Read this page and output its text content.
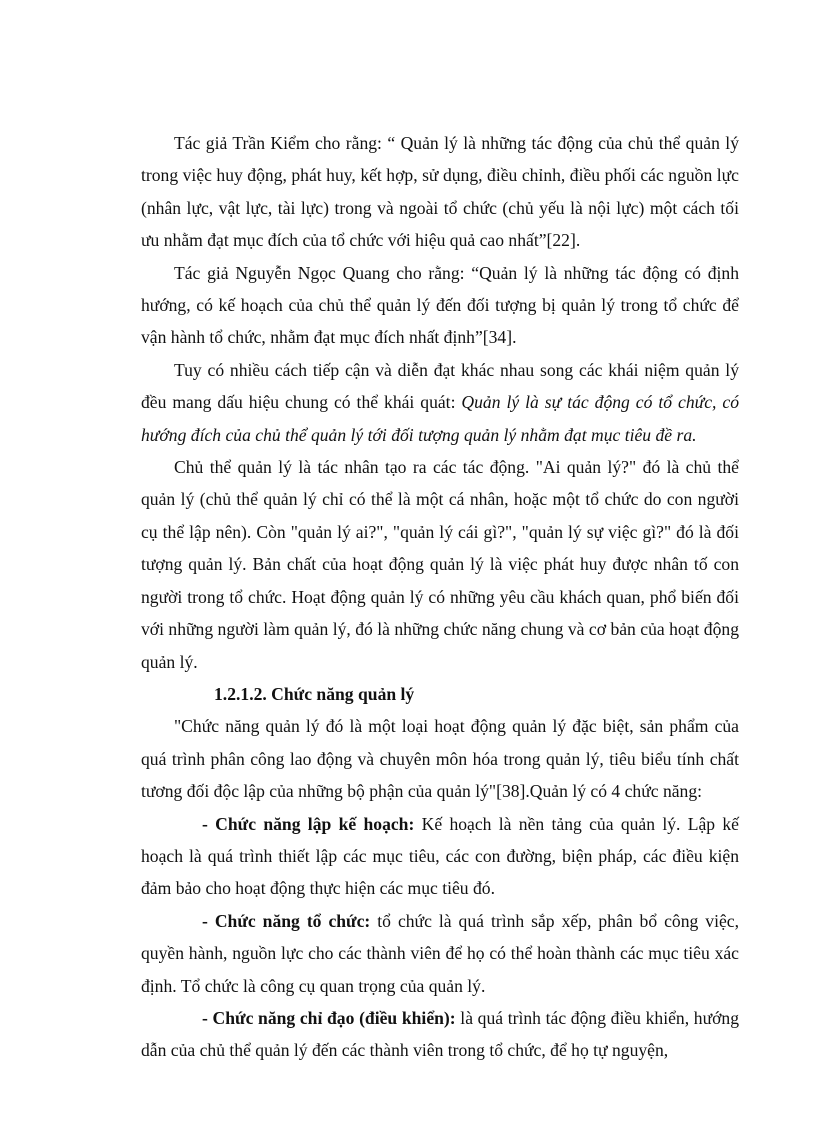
Tác giả Trần Kiểm cho rằng: “ Quản lý là những tác động của chủ thể quản lý trong việc huy động, phát huy, kết hợp, sử dụng, điều chỉnh, điều phối các nguồn lực (nhân lực, vật lực, tài lực) trong và ngoài tổ chức (chủ yếu là nội lực) một cách tối ưu nhằm đạt mục đích của tổ chức với hiệu quả cao nhất”[22].

Tác giả Nguyễn Ngọc Quang cho rằng: “Quản lý là những tác động có định hướng, có kế hoạch của chủ thể quản lý đến đối tượng bị quản lý trong tổ chức để vận hành tổ chức, nhằm đạt mục đích nhất định”[34].

Tuy có nhiều cách tiếp cận và diễn đạt khác nhau song các khái niệm quản lý đều mang dấu hiệu chung có thể khái quát: Quản lý là sự tác động có tổ chức, có hướng đích của chủ thể quản lý tới đối tượng quản lý nhằm đạt mục tiêu đề ra.

Chủ thể quản lý là tác nhân tạo ra các tác động. "Ai quản lý?" đó là chủ thể quản lý (chủ thể quản lý chỉ có thể là một cá nhân, hoặc một tổ chức do con người cụ thể lập nên). Còn "quản lý ai?", "quản lý cái gì?", "quản lý sự việc gì?" đó là đối tượng quản lý. Bản chất của hoạt động quản lý là việc phát huy được nhân tố con người trong tổ chức. Hoạt động quản lý có những yêu cầu khách quan, phổ biến đối với những người làm quản lý, đó là những chức năng chung và cơ bản của hoạt động quản lý.

1.2.1.2. Chức năng quản lý

"Chức năng quản lý đó là một loại hoạt động quản lý đặc biệt, sản phẩm của quá trình phân công lao động và chuyên môn hóa trong quản lý, tiêu biểu tính chất tương đối độc lập của những bộ phận của quản lý"[38].Quản lý có 4 chức năng:

- Chức năng lập kế hoạch: Kế hoạch là nền tảng của quản lý. Lập kế hoạch là quá trình thiết lập các mục tiêu, các con đường, biện pháp, các điều kiện đảm bảo cho hoạt động thực hiện các mục tiêu đó.

- Chức năng tổ chức: tổ chức là quá trình sắp xếp, phân bổ công việc, quyền hành, nguồn lực cho các thành viên để họ có thể hoàn thành các mục tiêu xác định. Tổ chức là công cụ quan trọng của quản lý.

- Chức năng chỉ đạo (điều khiển): là quá trình tác động điều khiển, hướng dẫn của chủ thể quản lý đến các thành viên trong tổ chức, để họ tự nguyện,
